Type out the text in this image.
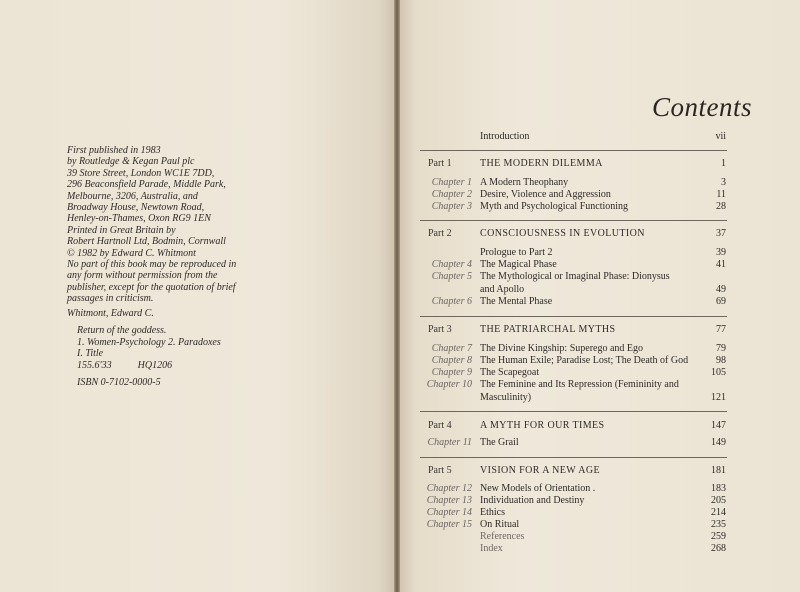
First published in 1983
by Routledge & Kegan Paul plc
39 Store Street, London WC1E 7DD,
296 Beaconsfield Parade, Middle Park,
Melbourne, 3206, Australia, and
Broadway House, Newtown Road,
Henley-on-Thames, Oxon RG9 1EN
Printed in Great Britain by
Robert Hartnoll Ltd, Bodmin, Cornwall
© 1982 by Edward C. Whitmont
No part of this book may be reproduced in
any form without permission from the
publisher, except for the quotation of brief
passages in criticism.
Whitmont, Edward C.
Return of the goddess.
1. Women-Psychology 2. Paradoxes
I. Title
155.6'33	HQ1206
ISBN 0-7102-0000-5
Contents
Introduction	vii
Part 1	THE MODERN DILEMMA	1
Chapter 1 A Modern Theophany	3
Chapter 2 Desire, Violence and Aggression	11
Chapter 3 Myth and Psychological Functioning	28
Part 2	CONSCIOUSNESS IN EVOLUTION	37
Prologue to Part 2	39
Chapter 4 The Magical Phase	41
Chapter 5 The Mythological or Imaginal Phase: Dionysus
and Apollo	49
Chapter 6 The Mental Phase	69
Part 3	THE PATRIARCHAL MYTHS	77
Chapter 7 The Divine Kingship: Superego and Ego	79
Chapter 8 The Human Exile; Paradise Lost; The Death of God	98
Chapter 9 The Scapegoat	105
Chapter 10 The Feminine and Its Repression (Femininity and
Masculinity)	121
Part 4	A MYTH FOR OUR TIMES	147
Chapter 11 The Grail	149
Part 5	VISION FOR A NEW AGE	181
Chapter 12 New Models of Orientation .	183
Chapter 13 Individuation and Destiny	205
Chapter 14 Ethics	214
Chapter 15 On Ritual	235
References	259
Index	268
